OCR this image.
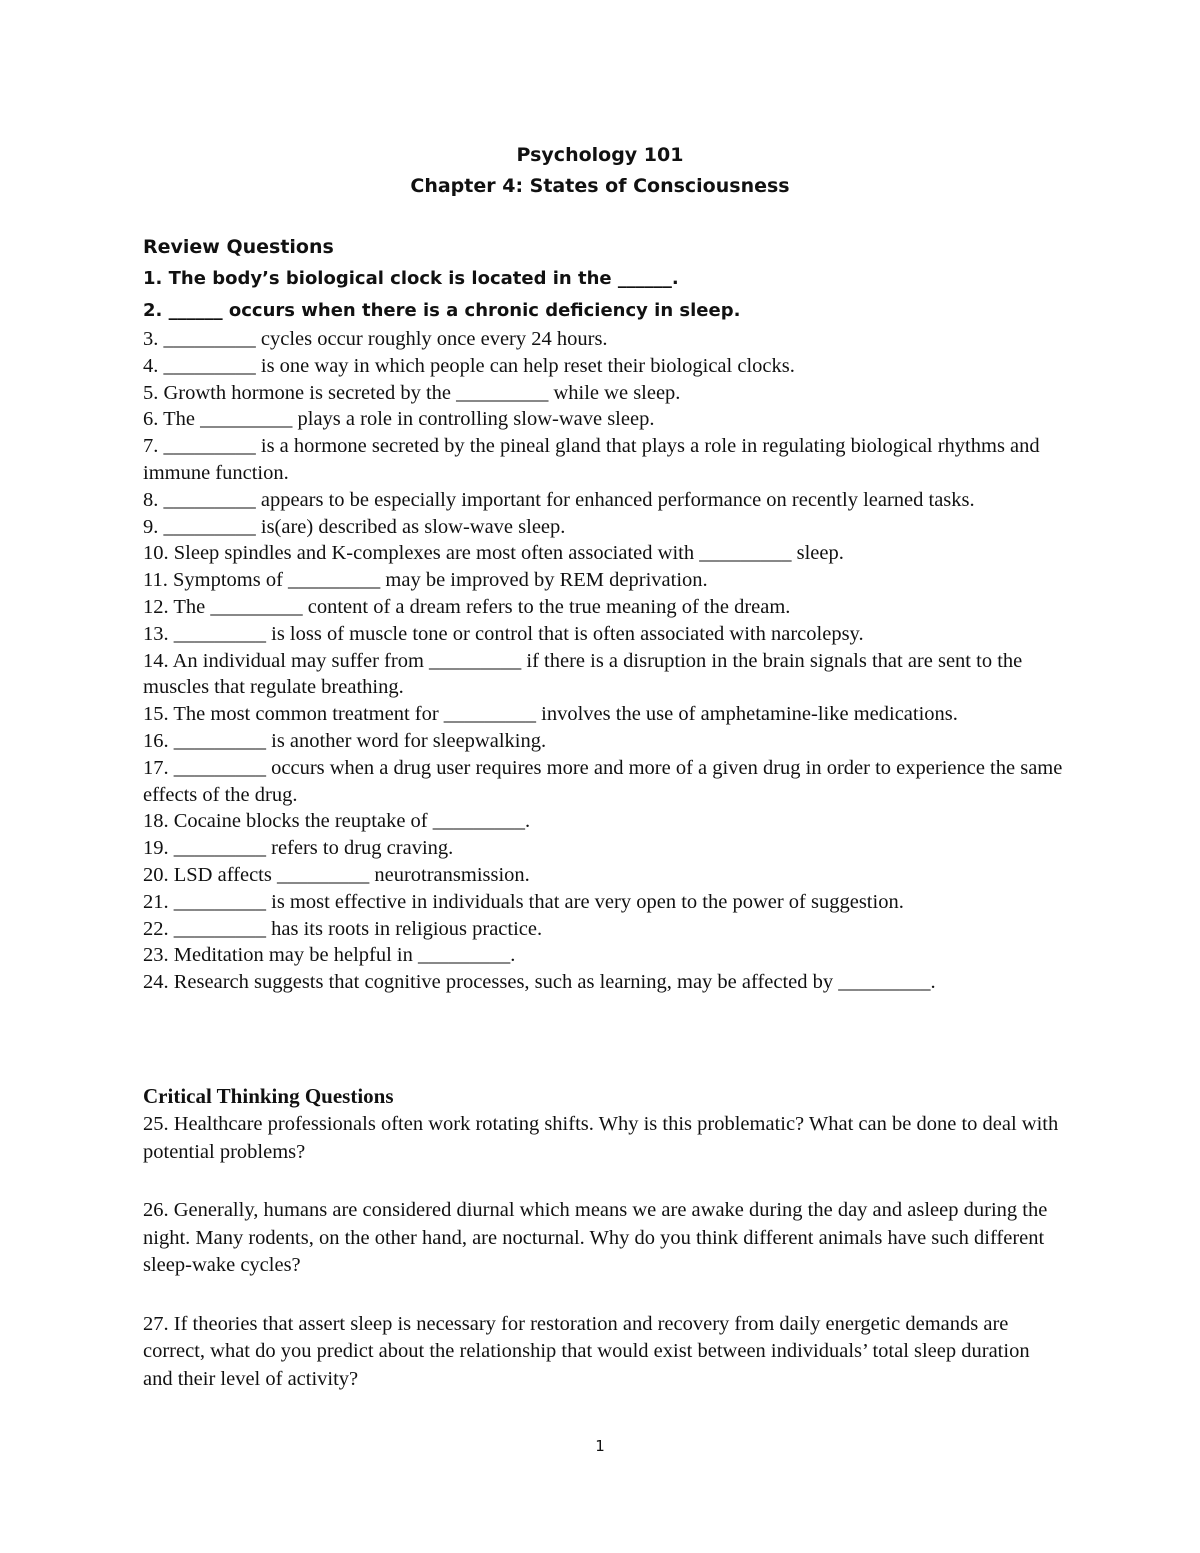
Psychology 101
Chapter 4: States of Consciousness
Review Questions
1. The body’s biological clock is located in the ______.
2. ______ occurs when there is a chronic deficiency in sleep.
3. _________ cycles occur roughly once every 24 hours.
4. _________ is one way in which people can help reset their biological clocks.
5. Growth hormone is secreted by the _________ while we sleep.
6. The _________ plays a role in controlling slow-wave sleep.
7. _________ is a hormone secreted by the pineal gland that plays a role in regulating biological rhythms and immune function.
8. _________ appears to be especially important for enhanced performance on recently learned tasks.
9. _________ is(are) described as slow-wave sleep.
10. Sleep spindles and K-complexes are most often associated with _________ sleep.
11. Symptoms of _________ may be improved by REM deprivation.
12. The _________ content of a dream refers to the true meaning of the dream.
13. _________ is loss of muscle tone or control that is often associated with narcolepsy.
14. An individual may suffer from _________ if there is a disruption in the brain signals that are sent to the muscles that regulate breathing.
15. The most common treatment for _________ involves the use of amphetamine-like medications.
16. _________ is another word for sleepwalking.
17. _________ occurs when a drug user requires more and more of a given drug in order to experience the same effects of the drug.
18. Cocaine blocks the reuptake of _________.
19. _________ refers to drug craving.
20. LSD affects _________ neurotransmission.
21. _________ is most effective in individuals that are very open to the power of suggestion.
22. _________ has its roots in religious practice.
23. Meditation may be helpful in _________.
24. Research suggests that cognitive processes, such as learning, may be affected by _________.
Critical Thinking Questions
25. Healthcare professionals often work rotating shifts. Why is this problematic? What can be done to deal with potential problems?
26. Generally, humans are considered diurnal which means we are awake during the day and asleep during the night. Many rodents, on the other hand, are nocturnal. Why do you think different animals have such different sleep-wake cycles?
27. If theories that assert sleep is necessary for restoration and recovery from daily energetic demands are correct, what do you predict about the relationship that would exist between individuals’ total sleep duration and their level of activity?
1
